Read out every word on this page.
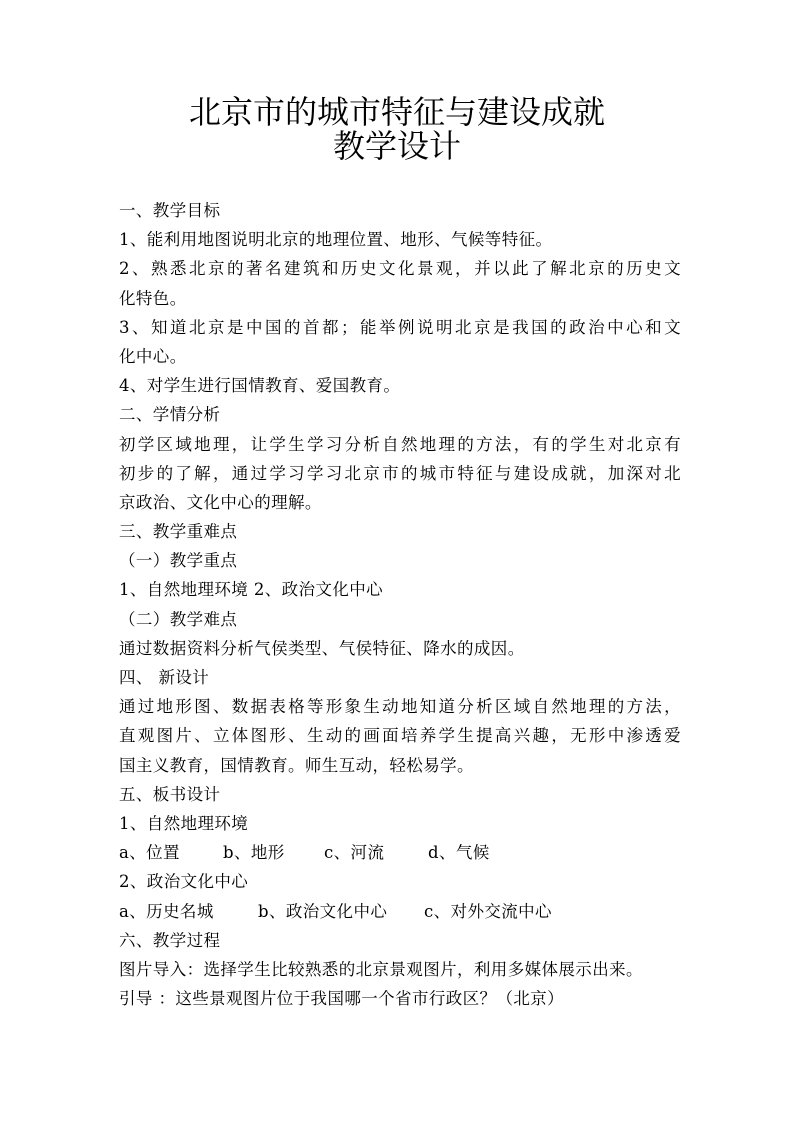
北京市的城市特征与建设成就
教学设计
一、教学目标
1、能利用地图说明北京的地理位置、地形、气候等特征。
2、熟悉北京的著名建筑和历史文化景观，并以此了解北京的历史文
化特色。
3、知道北京是中国的首都；能举例说明北京是我国的政治中心和文
化中心。
4、对学生进行国情教育、爱国教育。
二、学情分析
初学区域地理，让学生学习分析自然地理的方法，有的学生对北京有
初步的了解，通过学习学习北京市的城市特征与建设成就，加深对北
京政治、文化中心的理解。
三、教学重难点
（一）教学重点
1、自然地理环境 2、政治文化中心
（二）教学难点
通过数据资料分析气侯类型、气侯特征、降水的成因。
四、 新设计
通过地形图、数据表格等形象生动地知道分析区域自然地理的方法，
直观图片、立体图形、生动的画面培养学生提高兴趣，无形中渗透爱
国主义教育，国情教育。师生互动，轻松易学。
五、板书设计
1、自然地理环境
a、位置	b、地形	c、河流	d、气候
2、政治文化中心
a、历史名城	b、政治文化中心	c、对外交流中心
六、教学过程
图片导入：选择学生比较熟悉的北京景观图片，利用多媒体展示出来。
引导 ：这些景观图片位于我国哪一个省市行政区？（北京）
